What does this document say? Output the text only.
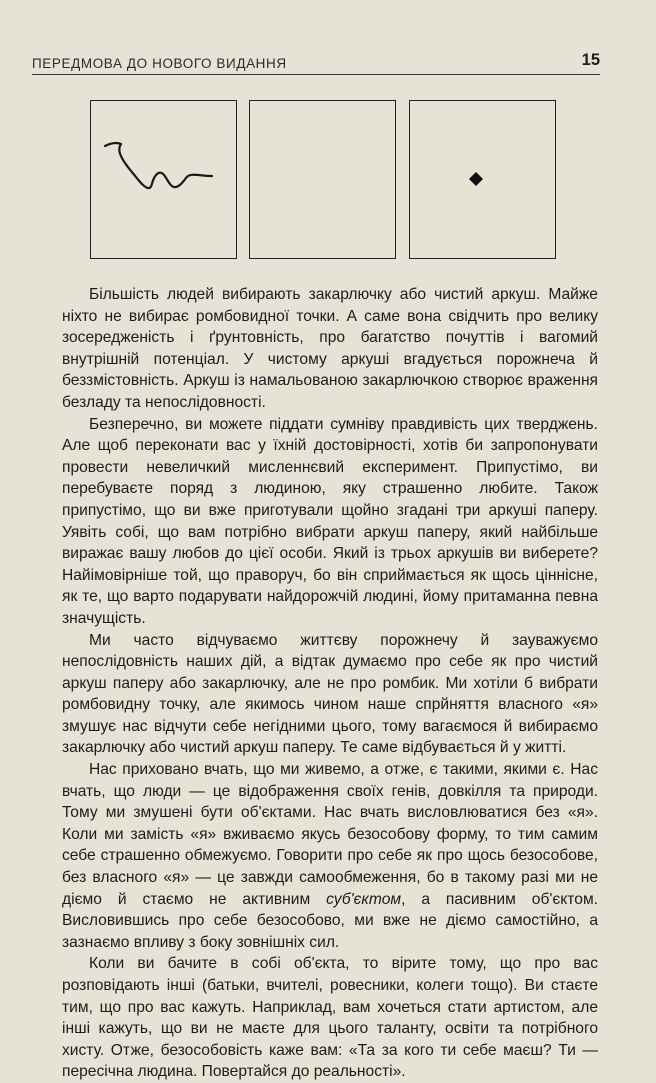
ПЕРЕДМОВА ДО НОВОГО ВИДАННЯ	15

Більшість людей вибирають закарлючку або чистий аркуш. Майже ніхто не вибирає ромбовидної точки. А саме вона свідчить про велику зосередженість і ґрунтовність, про багатство почуттів і вагомий внутрішній потенціал. У чистому аркуші вгадується порожнеча й беззмістовність. Аркуш із намальованою закарлючкою створює враження безладу та непослідовності.

Безперечно, ви можете піддати сумніву правдивість цих тверджень. Але щоб переконати вас у їхній достовірності, хотів би запропонувати провести невеличкий мисленнєвий експеримент. Припустімо, ви перебуваєте поряд з людиною, яку страшенно любите. Також припустімо, що ви вже приготували щойно згадані три аркуші паперу. Уявіть собі, що вам потрібно вибрати аркуш паперу, який найбільше виражає вашу любов до цієї особи. Який із трьох аркушів ви виберете? Найімовірніше той, що праворуч, бо він сприймається як щось ціннісне, як те, що варто подарувати найдорожчій людині, йому притаманна певна значущість.

Ми часто відчуваємо життєву порожнечу й зауважуємо непослідовність наших дій, а відтак думаємо про себе як про чистий аркуш паперу або закарлючку, але не про ромбик. Ми хотіли б вибрати ромбовидну точку, але якимось чином наше спрйняття власного «я» змушує нас відчути себе негідними цього, тому вагаємося й вибираємо закарлючку або чистий аркуш паперу. Те саме відбувається й у житті.

Нас приховано вчать, що ми живемо, а отже, є такими, якими є. Нас вчать, що люди — це відображення своїх генів, довкілля та природи. Тому ми змушені бути об'єктами. Нас вчать висловлюватися без «я». Коли ми замість «я» вживаємо якусь безособову форму, то тим самим себе страшенно обмежуємо. Говорити про себе як про щось безособове, без власного «я» — це завжди самообмеження, бо в такому разі ми не діємо й стаємо не активним суб'єктом, а пасивним об'єктом. Висловившись про себе безособово, ми вже не діємо самостійно, а зазнаємо впливу з боку зовнішніх сил.

Коли ви бачите в собі об'єкта, то вірите тому, що про вас розповідають інші (батьки, вчителі, ровесники, колеги тощо). Ви стаєте тим, що про вас кажуть. Наприклад, вам хочеться стати артистом, але інші кажуть, що ви не маєте для цього таланту, освіти та потрібного хисту. Отже, безособовість каже вам: «Та за кого ти себе маєш? Ти — пересічна людина. Повертайся до реальності».
